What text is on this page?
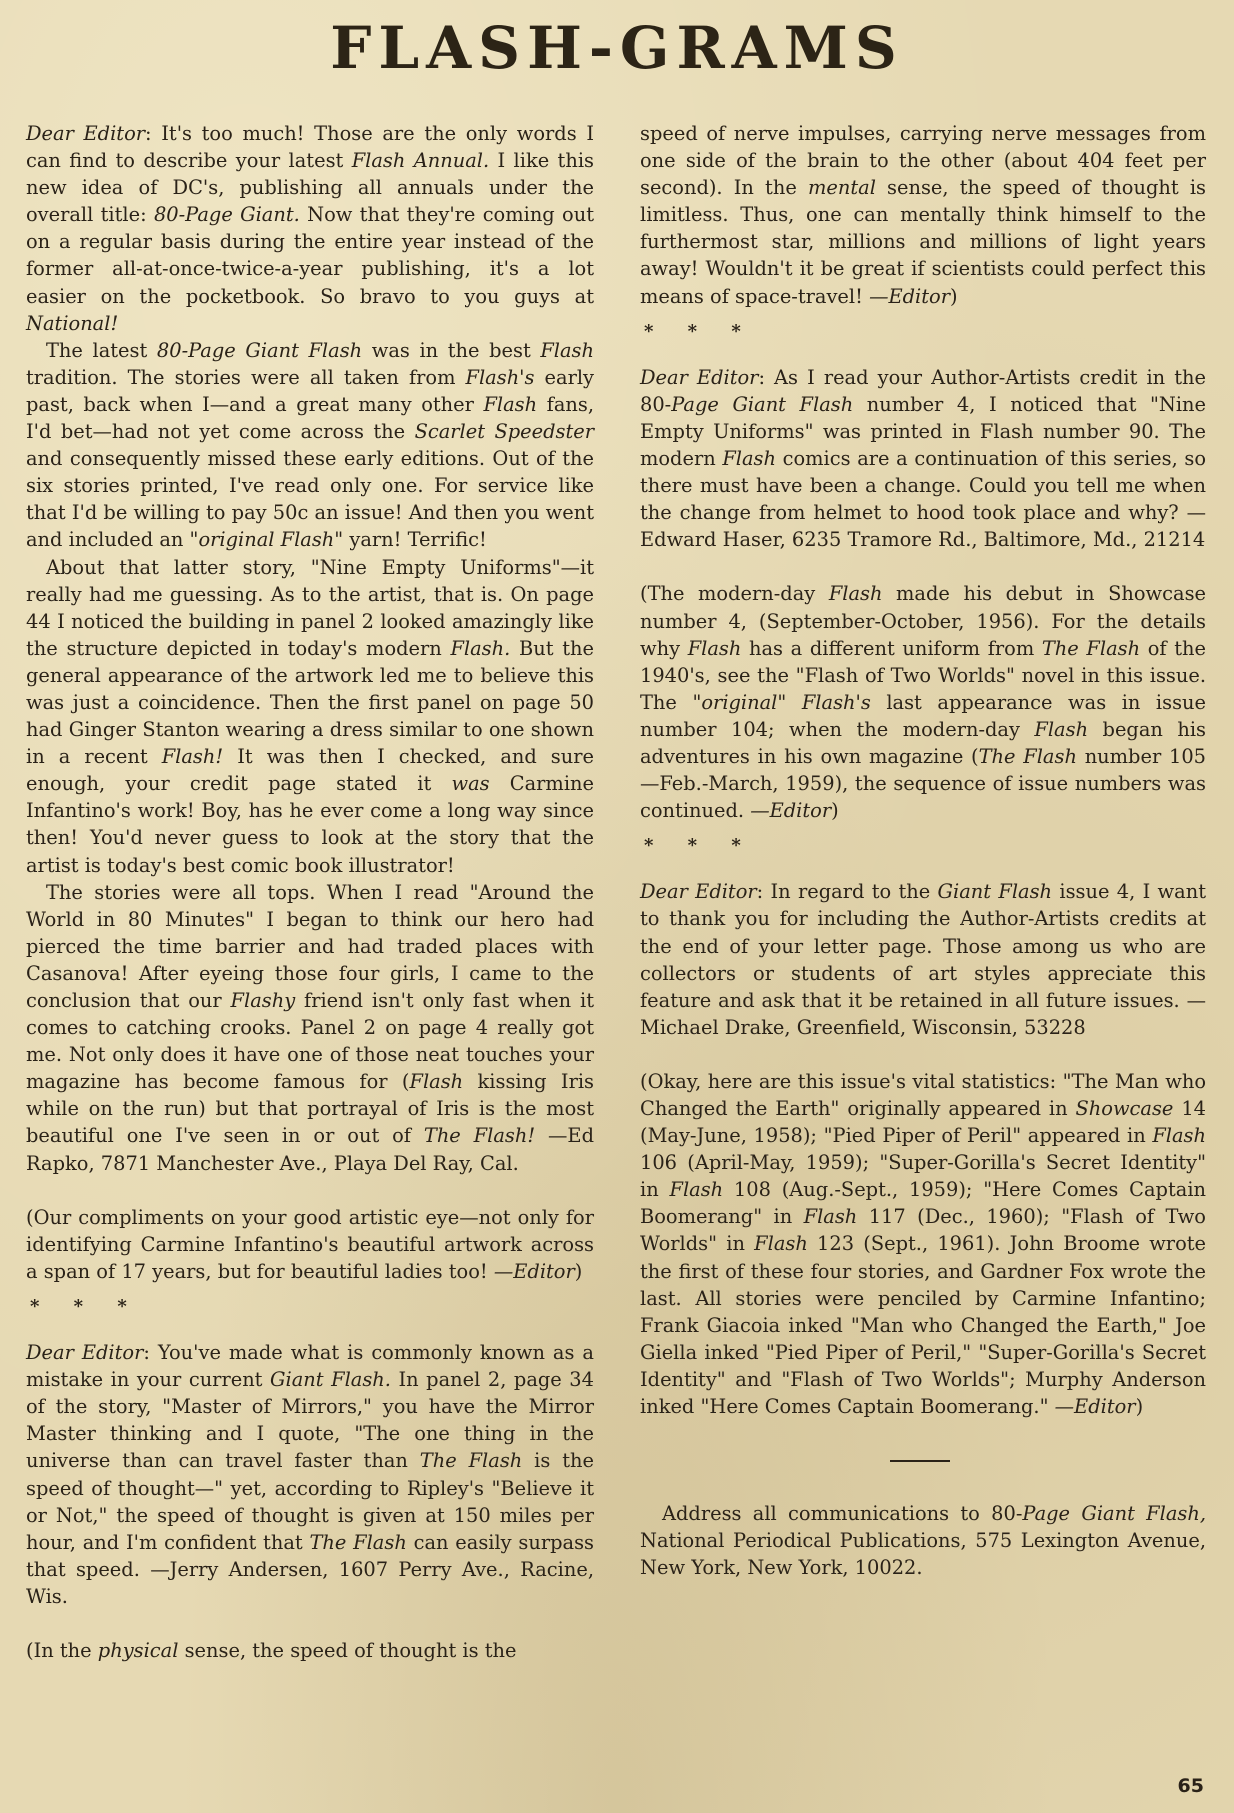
FLASH-GRAMS

Dear Editor: It's too much! Those are the only words I can find to describe your latest Flash Annual. I like this new idea of DC's, publishing all annuals under the overall title: 80-Page Giant. Now that they're coming out on a regular basis during the entire year instead of the former all-at-once-twice-a-year publishing, it's a lot easier on the pocketbook. So bravo to you guys at National!

The latest 80-Page Giant Flash was in the best Flash tradition. The stories were all taken from Flash's early past, back when I—and a great many other Flash fans, I'd bet—had not yet come across the Scarlet Speedster and consequently missed these early editions. Out of the six stories printed, I've read only one. For service like that I'd be willing to pay 50c an issue! And then you went and included an "original Flash" yarn! Terrific!

About that latter story, "Nine Empty Uniforms"—it really had me guessing. As to the artist, that is. On page 44 I noticed the building in panel 2 looked amazingly like the structure depicted in today's modern Flash. But the general appearance of the artwork led me to believe this was just a coincidence. Then the first panel on page 50 had Ginger Stanton wearing a dress similar to one shown in a recent Flash! It was then I checked, and sure enough, your credit page stated it was Carmine Infantino's work! Boy, has he ever come a long way since then! You'd never guess to look at the story that the artist is today's best comic book illustrator!

The stories were all tops. When I read "Around the World in 80 Minutes" I began to think our hero had pierced the time barrier and had traded places with Casanova! After eyeing those four girls, I came to the conclusion that our Flashy friend isn't only fast when it comes to catching crooks. Panel 2 on page 4 really got me. Not only does it have one of those neat touches your magazine has become famous for (Flash kissing Iris while on the run) but that portrayal of Iris is the most beautiful one I've seen in or out of The Flash! —Ed Rapko, 7871 Manchester Ave., Playa Del Ray, Cal.

(Our compliments on your good artistic eye—not only for identifying Carmine Infantino's beautiful artwork across a span of 17 years, but for beautiful ladies too! —Editor)

* * *

Dear Editor: You've made what is commonly known as a mistake in your current Giant Flash. In panel 2, page 34 of the story, "Master of Mirrors," you have the Mirror Master thinking and I quote, "The one thing in the universe than can travel faster than The Flash is the speed of thought—" yet, according to Ripley's "Believe it or Not," the speed of thought is given at 150 miles per hour, and I'm confident that The Flash can easily surpass that speed. —Jerry Andersen, 1607 Perry Ave., Racine, Wis.

(In the physical sense, the speed of thought is the

speed of nerve impulses, carrying nerve messages from one side of the brain to the other (about 404 feet per second). In the mental sense, the speed of thought is limitless. Thus, one can mentally think himself to the furthermost star, millions and millions of light years away! Wouldn't it be great if scientists could perfect this means of space-travel! —Editor)

* * *

Dear Editor: As I read your Author-Artists credit in the 80-Page Giant Flash number 4, I noticed that "Nine Empty Uniforms" was printed in Flash number 90. The modern Flash comics are a continuation of this series, so there must have been a change. Could you tell me when the change from helmet to hood took place and why? —Edward Haser, 6235 Tramore Rd., Baltimore, Md., 21214

(The modern-day Flash made his debut in Showcase number 4, (September-October, 1956). For the details why Flash has a different uniform from The Flash of the 1940's, see the "Flash of Two Worlds" novel in this issue. The "original" Flash's last appearance was in issue number 104; when the modern-day Flash began his adventures in his own magazine (The Flash number 105—Feb.-March, 1959), the sequence of issue numbers was continued. —Editor)

* * *

Dear Editor: In regard to the Giant Flash issue 4, I want to thank you for including the Author-Artists credits at the end of your letter page. Those among us who are collectors or students of art styles appreciate this feature and ask that it be retained in all future issues. —Michael Drake, Greenfield, Wisconsin, 53228

(Okay, here are this issue's vital statistics: "The Man who Changed the Earth" originally appeared in Showcase 14 (May-June, 1958); "Pied Piper of Peril" appeared in Flash 106 (April-May, 1959); "Super-Gorilla's Secret Identity" in Flash 108 (Aug.-Sept., 1959); "Here Comes Captain Boomerang" in Flash 117 (Dec., 1960); "Flash of Two Worlds" in Flash 123 (Sept., 1961). John Broome wrote the first of these four stories, and Gardner Fox wrote the last. All stories were penciled by Carmine Infantino; Frank Giacoia inked "Man who Changed the Earth," Joe Giella inked "Pied Piper of Peril," "Super-Gorilla's Secret Identity" and "Flash of Two Worlds"; Murphy Anderson inked "Here Comes Captain Boomerang." —Editor)

Address all communications to 80-Page Giant Flash, National Periodical Publications, 575 Lexington Avenue, New York, New York, 10022.

65
